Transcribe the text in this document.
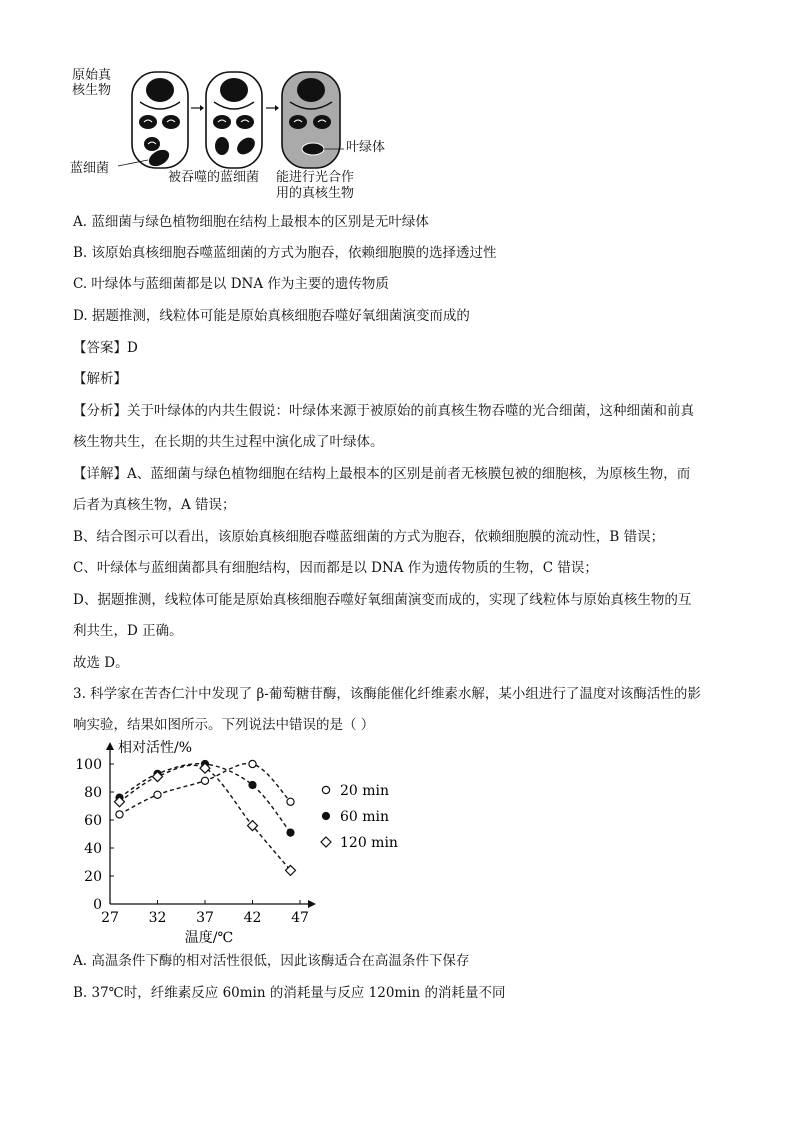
原始真
核生物
蓝细菌
被吞噬的蓝细菌
叶绿体
能进行光合作
用的真核生物
A. 蓝细菌与绿色植物细胞在结构上最根本的区别是无叶绿体
B. 该原始真核细胞吞噬蓝细菌的方式为胞吞，依赖细胞膜的选择透过性
C. 叶绿体与蓝细菌都是以 DNA 作为主要的遗传物质
D. 据题推测，线粒体可能是原始真核细胞吞噬好氧细菌演变而成的
【答案】D
【解析】
【分析】关于叶绿体的内共生假说：叶绿体来源于被原始的前真核生物吞噬的光合细菌，这种细菌和前真
核生物共生，在长期的共生过程中演化成了叶绿体。
【详解】A、蓝细菌与绿色植物细胞在结构上最根本的区别是前者无核膜包被的细胞核，为原核生物，而
后者为真核生物，A 错误；
B、结合图示可以看出，该原始真核细胞吞噬蓝细菌的方式为胞吞，依赖细胞膜的流动性，B 错误；
C、叶绿体与蓝细菌都具有细胞结构，因而都是以 DNA 作为遗传物质的生物，C 错误；
D、据题推测，线粒体可能是原始真核细胞吞噬好氧细菌演变而成的，实现了线粒体与原始真核生物的互
利共生，D 正确。
故选 D。
3. 科学家在苦杏仁汁中发现了 β-葡萄糖苷酶，该酶能催化纤维素水解，某小组进行了温度对该酶活性的影
响实验，结果如图所示。下列说法中错误的是（ ）
0
20
40
60
80
100
27 32 37 42 47
相对活性/%
温度/℃
20 min
60 min
120 min
A. 高温条件下酶的相对活性很低，因此该酶适合在高温条件下保存
B. 37℃时，纤维素反应 60min 的消耗量与反应 120min 的消耗量不同
